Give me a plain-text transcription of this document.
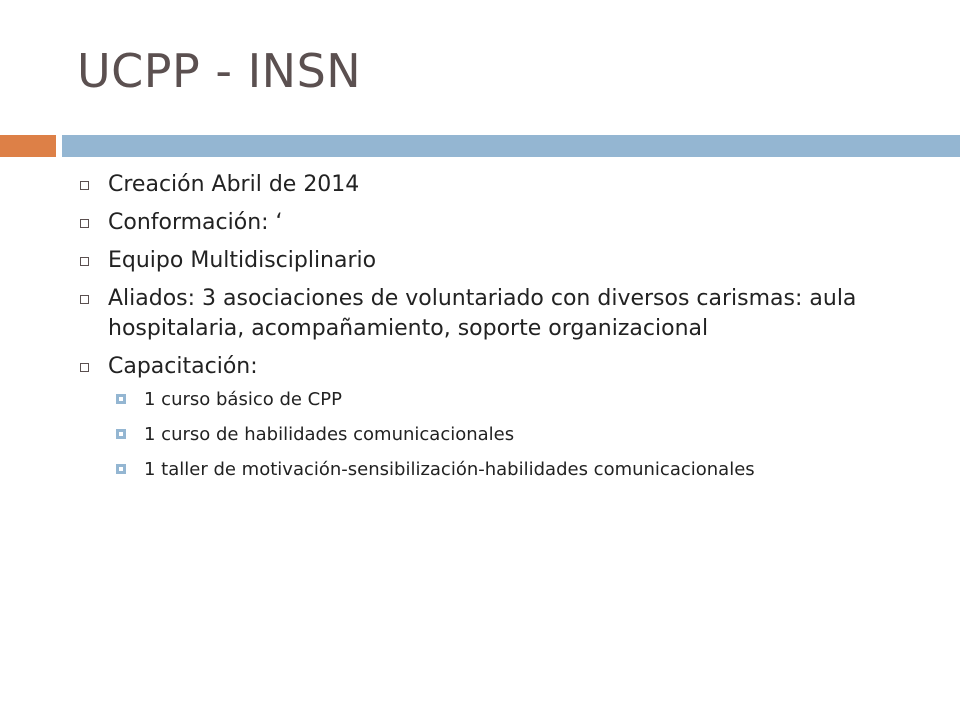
UCPP - INSN
Creación Abril de 2014
Conformación: ‘
Equipo Multidisciplinario
Aliados: 3 asociaciones de voluntariado con diversos carismas: aula hospitalaria, acompañamiento, soporte organizacional
Capacitación:
1 curso básico de CPP
1 curso de habilidades comunicacionales
1 taller de motivación-sensibilización-habilidades comunicacionales
